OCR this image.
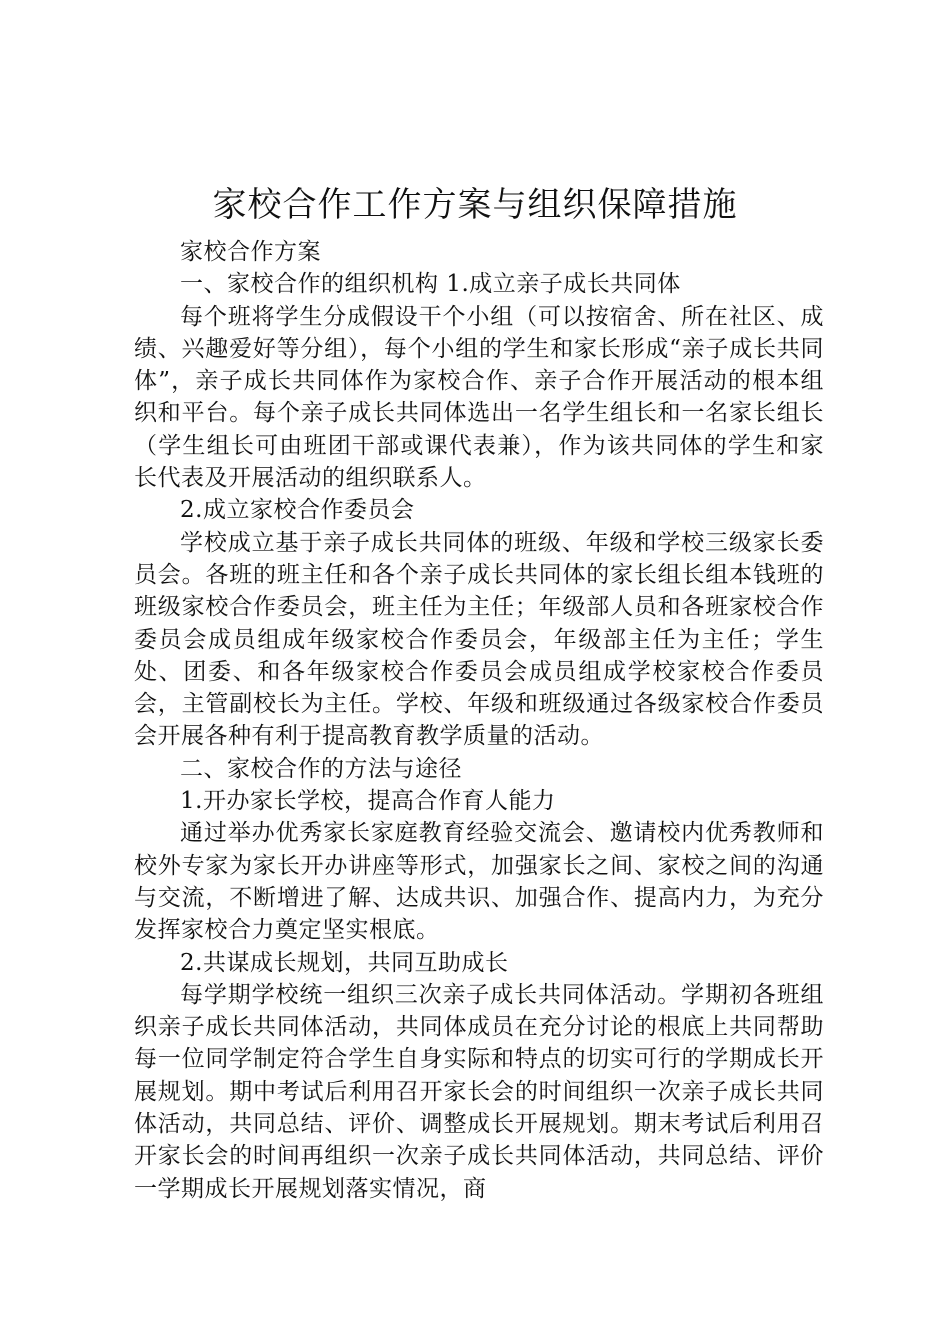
家校合作工作方案与组织保障措施

家校合作方案

一、家校合作的组织机构 1.成立亲子成长共同体

每个班将学生分成假设干个小组（可以按宿舍、所在社区、成绩、兴趣爱好等分组），每个小组的学生和家长形成“亲子成长共同体”，亲子成长共同体作为家校合作、亲子合作开展活动的根本组织和平台。每个亲子成长共同体选出一名学生组长和一名家长组长（学生组长可由班团干部或课代表兼），作为该共同体的学生和家长代表及开展活动的组织联系人。

2.成立家校合作委员会

学校成立基于亲子成长共同体的班级、年级和学校三级家长委员会。各班的班主任和各个亲子成长共同体的家长组长组本钱班的班级家校合作委员会，班主任为主任；年级部人员和各班家校合作委员会成员组成年级家校合作委员会，年级部主任为主任；学生处、团委、和各年级家校合作委员会成员组成学校家校合作委员会，主管副校长为主任。学校、年级和班级通过各级家校合作委员会开展各种有利于提高教育教学质量的活动。

二、家校合作的方法与途径

1.开办家长学校，提高合作育人能力

通过举办优秀家长家庭教育经验交流会、邀请校内优秀教师和校外专家为家长开办讲座等形式，加强家长之间、家校之间的沟通与交流，不断增进了解、达成共识、加强合作、提高内力，为充分发挥家校合力奠定坚实根底。

2.共谋成长规划，共同互助成长

每学期学校统一组织三次亲子成长共同体活动。学期初各班组织亲子成长共同体活动，共同体成员在充分讨论的根底上共同帮助每一位同学制定符合学生自身实际和特点的切实可行的学期成长开展规划。期中考试后利用召开家长会的时间组织一次亲子成长共同体活动，共同总结、评价、调整成长开展规划。期末考试后利用召开家长会的时间再组织一次亲子成长共同体活动，共同总结、评价一学期成长开展规划落实情况，商
